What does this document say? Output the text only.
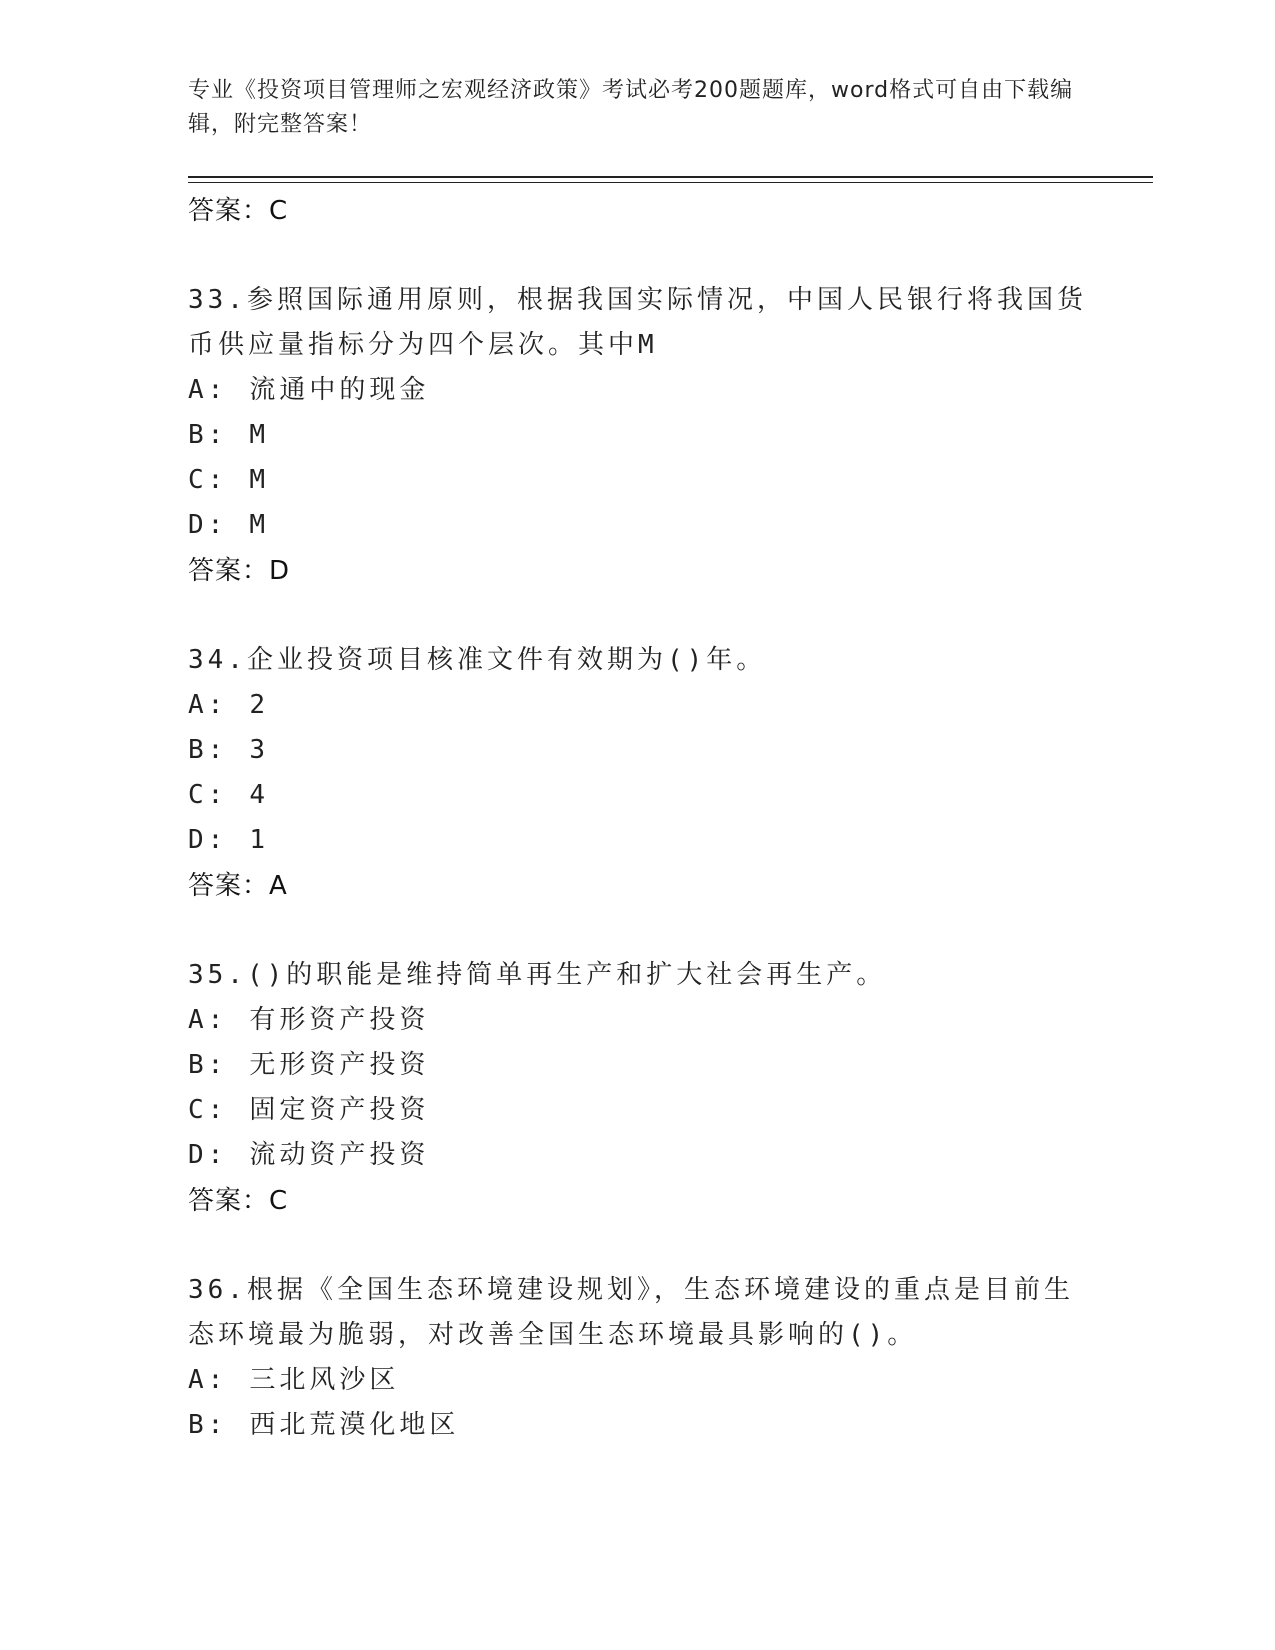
专业《投资项目管理师之宏观经济政策》考试必考200题题库，word格式可自由下载编辑，附完整答案！
答案：C
33.参照国际通用原则，根据我国实际情况，中国人民银行将我国货币供应量指标分为四个层次。其中M
A: 流通中的现金
B: M
C: M
D: M
答案：D
34.企业投资项目核准文件有效期为()年。
A: 2
B: 3
C: 4
D: 1
答案：A
35.()的职能是维持简单再生产和扩大社会再生产。
A: 有形资产投资
B: 无形资产投资
C: 固定资产投资
D: 流动资产投资
答案：C
36.根据《全国生态环境建设规划》，生态环境建设的重点是目前生态环境最为脆弱，对改善全国生态环境最具影响的()。
A: 三北风沙区
B: 西北荒漠化地区
